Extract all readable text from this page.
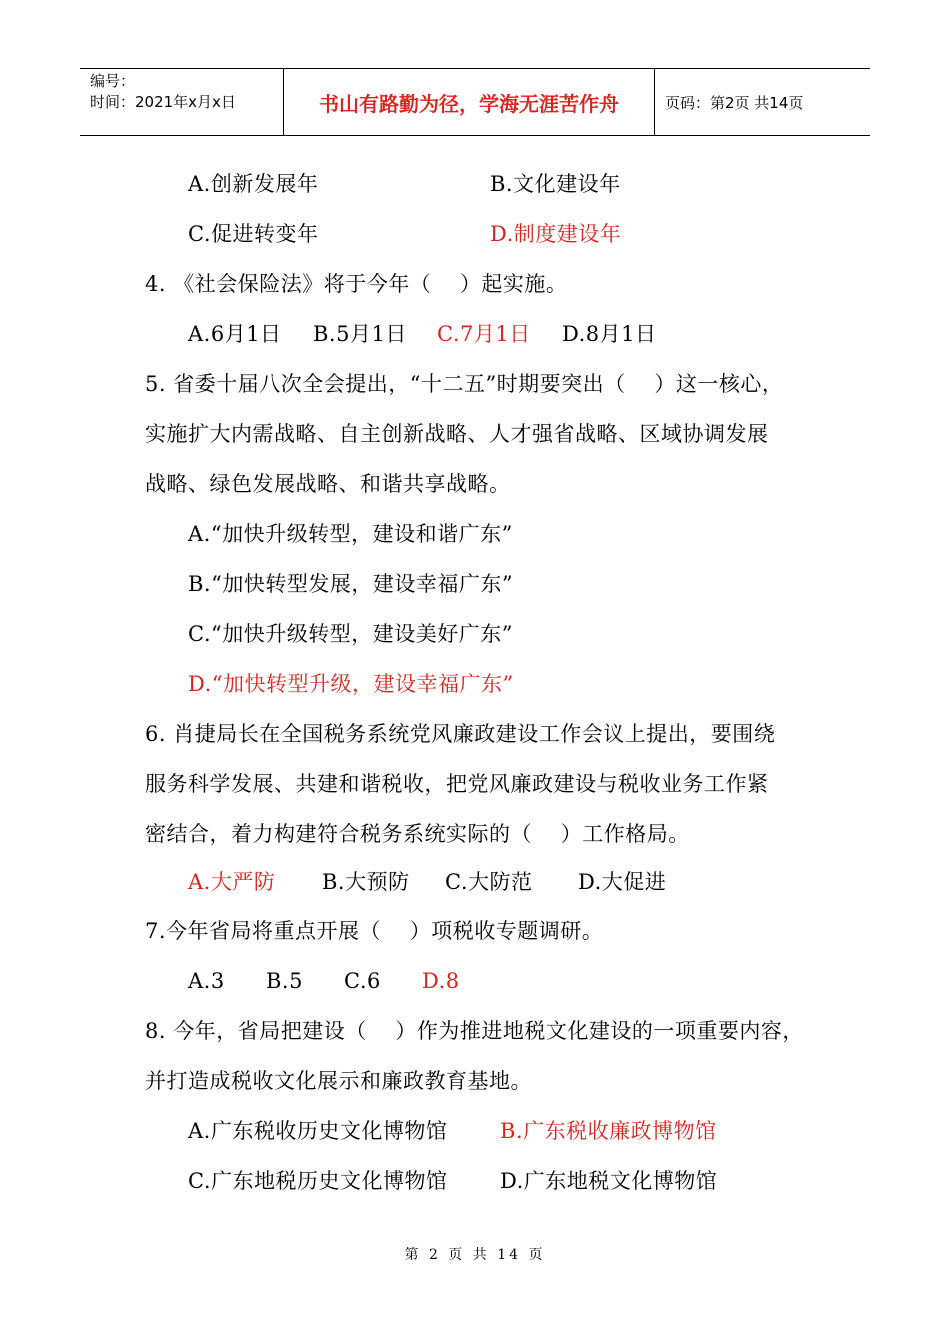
编号：
时间：2021年x月x日	书山有路勤为径，学海无涯苦作舟	页码：第2页 共14页
A.创新发展年	B.文化建设年
C.促进转变年	D.制度建设年
4. 《社会保险法》将于今年（    ）起实施。
A.6月1日 B.5月1日 C.7月1日 D.8月1日
5. 省委十届八次全会提出，“十二五”时期要突出（    ）这一核心，
实施扩大内需战略、自主创新战略、人才强省战略、区域协调发展
战略、绿色发展战略、和谐共享战略。
A.“加快升级转型，建设和谐广东”
B.“加快转型发展，建设幸福广东”
C.“加快升级转型，建设美好广东”
D.“加快转型升级，建设幸福广东”
6. 肖捷局长在全国税务系统党风廉政建设工作会议上提出，要围绕
服务科学发展、共建和谐税收，把党风廉政建设与税收业务工作紧
密结合，着力构建符合税务系统实际的（    ）工作格局。
A.大严防 B.大预防 C.大防范 D.大促进
7.今年省局将重点开展（    ）项税收专题调研。
A.3 B.5 C.6 D.8
8. 今年，省局把建设（    ）作为推进地税文化建设的一项重要内容，
并打造成税收文化展示和廉政教育基地。
A.广东税收历史文化博物馆	B.广东税收廉政博物馆
C.广东地税历史文化博物馆	D.广东地税文化博物馆
第 2 页 共 14 页
